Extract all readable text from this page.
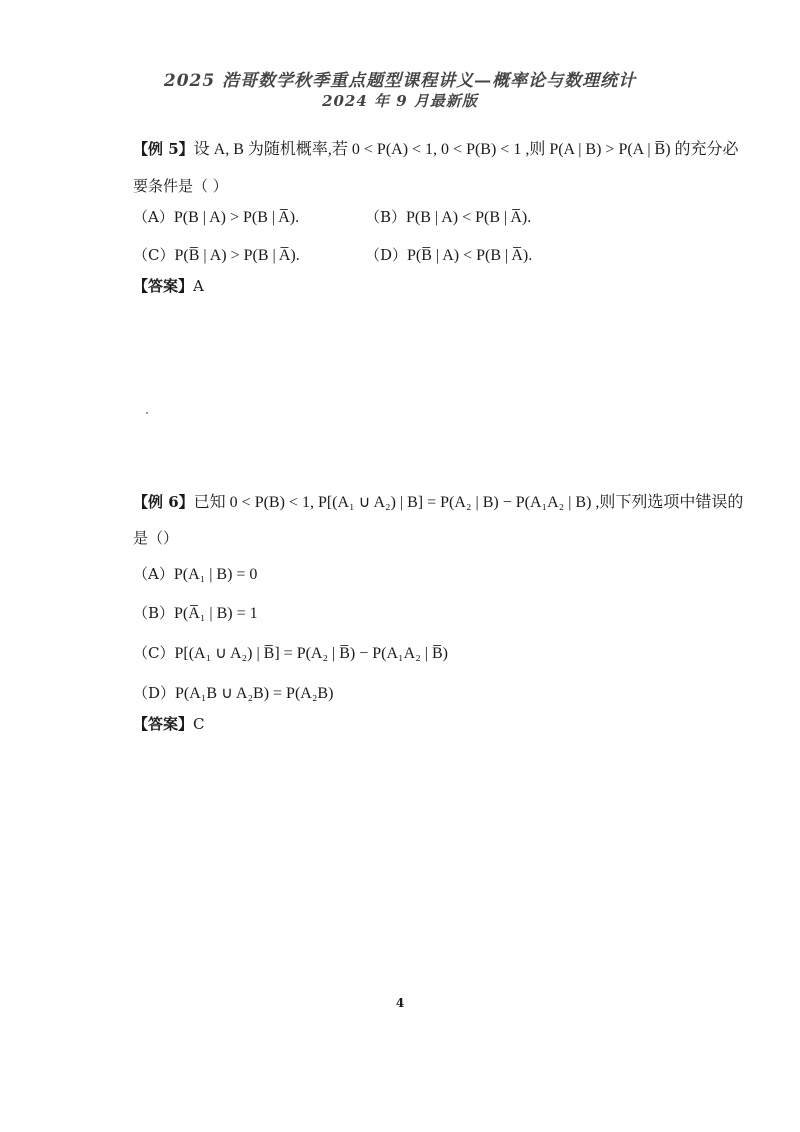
2025 浩哥数学秋季重点题型课程讲义—概率论与数理统计
2024 年 9 月最新版
【例 5】设 A, B 为随机概率,若 0 < P(A) < 1, 0 < P(B) < 1 ,则 P(A | B) > P(A | B̅) 的充分必
要条件是（ ）
（A）P(B | A) > P(B | A̅).	（B）P(B | A) < P(B | A̅).
（C）P(B̅ | A) > P(B | A̅).	（D）P(B̅ | A) < P(B | A̅).
【答案】A
【例 6】已知 0 < P(B) < 1, P[(A₁ ∪ A₂) | B] = P(A₂ | B) − P(A₁A₂ | B) ,则下列选项中错误的
是（）
（A）P(A₁ | B) = 0
（B）P(A̅₁ | B) = 1
（C）P[(A₁ ∪ A₂) | B̅] = P(A₂ | B̅) − P(A₁A₂ | B̅)
（D）P(A₁B ∪ A₂B) = P(A₂B)
【答案】C
4
